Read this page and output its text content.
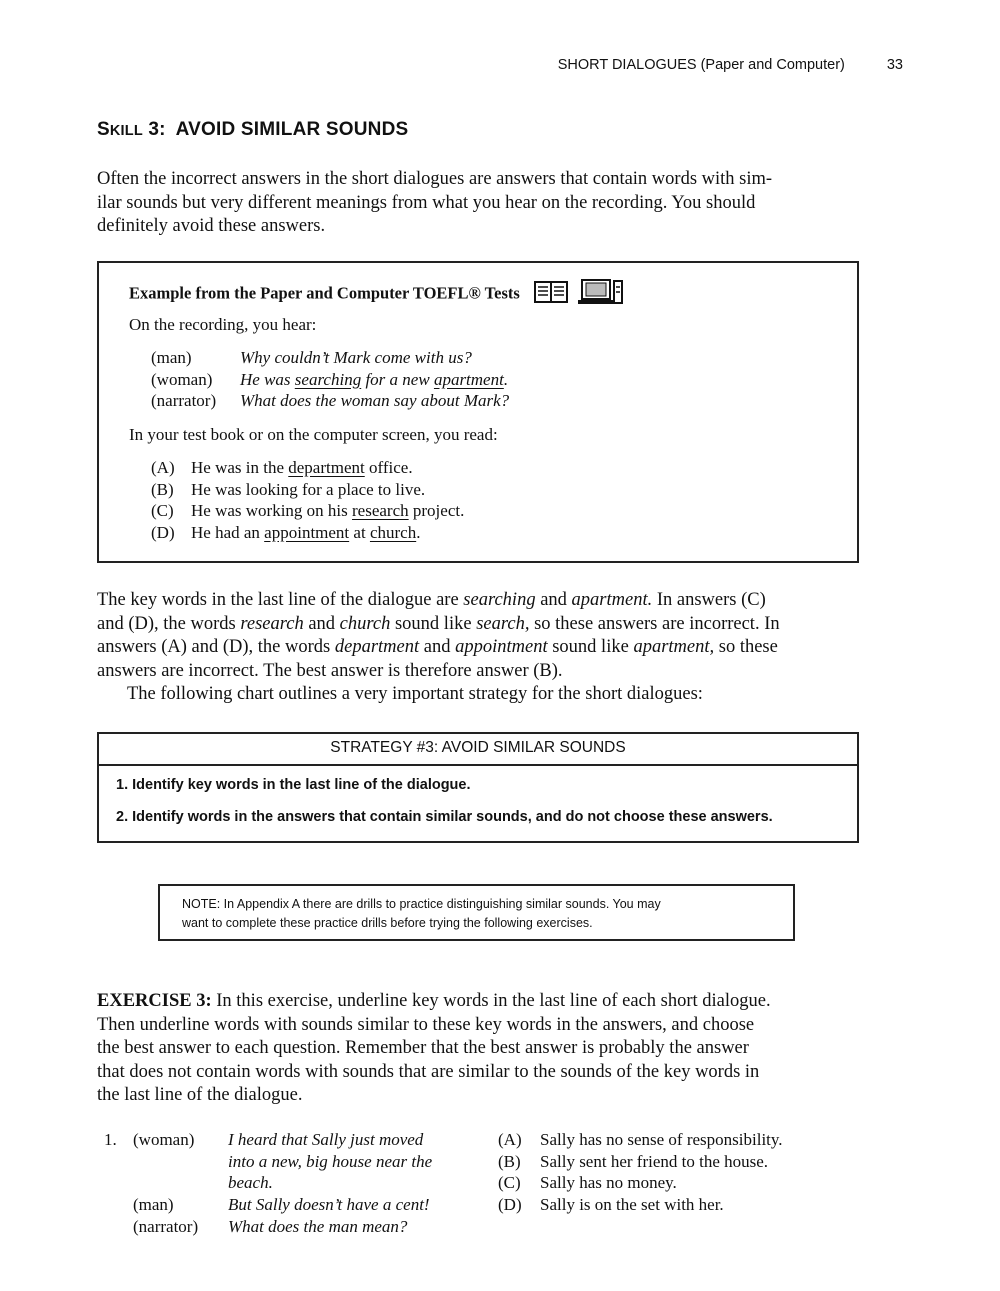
SHORT DIALOGUES (Paper and Computer)	33
SKILL 3: AVOID SIMILAR SOUNDS
Often the incorrect answers in the short dialogues are answers that contain words with sim-
ilar sounds but very different meanings from what you hear on the recording. You should
definitely avoid these answers.
Example from the Paper and Computer TOEFL® Tests
On the recording, you hear:
(man)	Why couldn’t Mark come with us?
(woman) He was searching for a new apartment.
(narrator) What does the woman say about Mark?
In your test book or on the computer screen, you read:
(A) He was in the department office.
(B) He was looking for a place to live.
(C) He was working on his research project.
(D) He had an appointment at church.
The key words in the last line of the dialogue are searching and apartment. In answers (C)
and (D), the words research and church sound like search, so these answers are incorrect. In
answers (A) and (D), the words department and appointment sound like apartment, so these
answers are incorrect. The best answer is therefore answer (B).
The following chart outlines a very important strategy for the short dialogues:
STRATEGY #3: AVOID SIMILAR SOUNDS
1. Identify key words in the last line of the dialogue.
2. Identify words in the answers that contain similar sounds, and do not choose these answers.
NOTE: In Appendix A there are drills to practice distinguishing similar sounds. You may
want to complete these practice drills before trying the following exercises.
EXERCISE 3: In this exercise, underline key words in the last line of each short dialogue.
Then underline words with sounds similar to these key words in the answers, and choose
the best answer to each question. Remember that the best answer is probably the answer
that does not contain words with sounds that are similar to the sounds of the key words in
the last line of the dialogue.
1. (woman) I heard that Sally just moved
into a new, big house near the
beach.
(man)	But Sally doesn’t have a cent!
(narrator) What does the man mean?
(A) Sally has no sense of responsibility.
(B) Sally sent her friend to the house.
(C) Sally has no money.
(D) Sally is on the set with her.
